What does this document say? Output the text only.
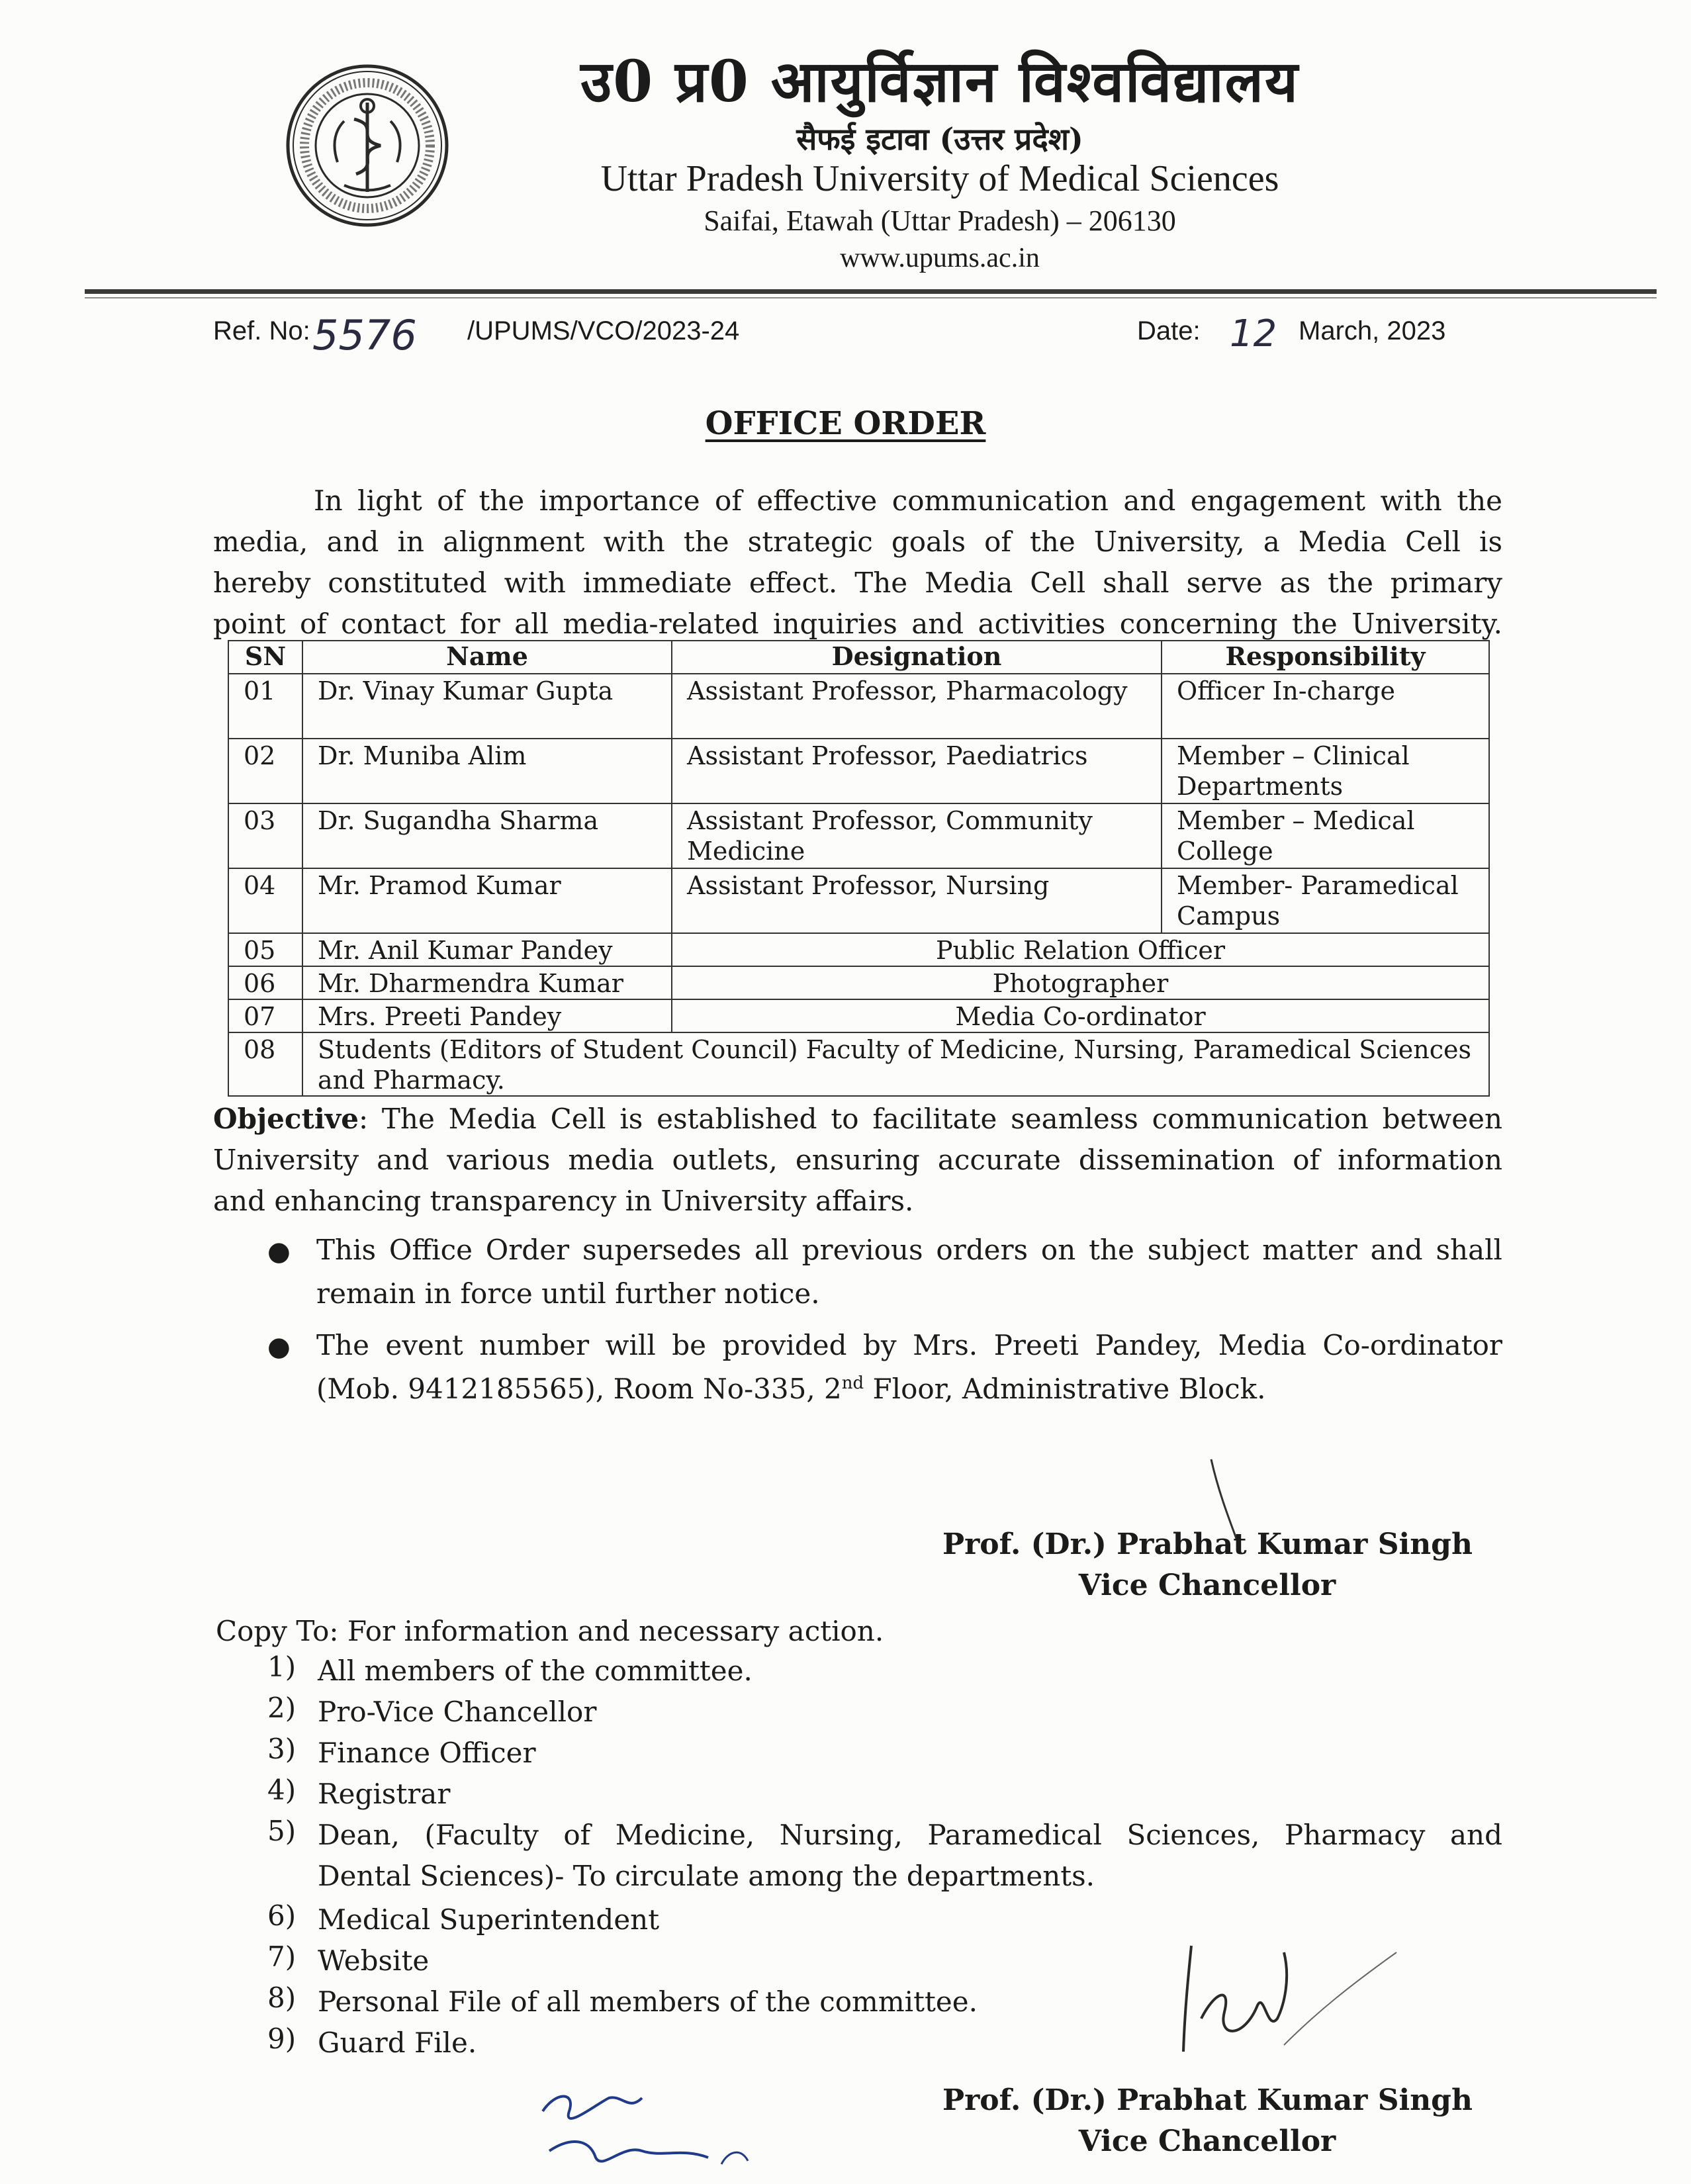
उ0 प्र0 आयुर्विज्ञान विश्वविद्यालय
सैफई इटावा (उत्तर प्रदेश)
Uttar Pradesh University of Medical Sciences
Saifai, Etawah (Uttar Pradesh) – 206130
www.upums.ac.in
Ref. No: 5576 /UPUMS/VCO/2023-24	Date: 12 March, 2023
OFFICE ORDER
In light of the importance of effective communication and engagement with the
media, and in alignment with the strategic goals of the University, a Media Cell is
hereby constituted with immediate effect. The Media Cell shall serve as the primary
point of contact for all media-related inquiries and activities concerning the University.
SN	Name	Designation	Responsibility
01	Dr. Vinay Kumar Gupta	Assistant Professor, Pharmacology	Officer In-charge
02	Dr. Muniba Alim	Assistant Professor, Paediatrics	Member – Clinical Departments
03	Dr. Sugandha Sharma	Assistant Professor, Community Medicine	Member – Medical College
04	Mr. Pramod Kumar	Assistant Professor, Nursing	Member- Paramedical Campus
05	Mr. Anil Kumar Pandey	Public Relation Officer	
06	Mr. Dharmendra Kumar	Photographer	
07	Mrs. Preeti Pandey	Media Co-ordinator	
08	Students (Editors of Student Council) Faculty of Medicine, Nursing, Paramedical Sciences and Pharmacy.		
Objective: The Media Cell is established to facilitate seamless communication between
University and various media outlets, ensuring accurate dissemination of information
and enhancing transparency in University affairs.
● This Office Order supersedes all previous orders on the subject matter and shall
remain in force until further notice.
● The event number will be provided by Mrs. Preeti Pandey, Media Co-ordinator
(Mob. 9412185565), Room No-335, 2nd Floor, Administrative Block.
Prof. (Dr.) Prabhat Kumar Singh
Vice Chancellor
Copy To: For information and necessary action.
1) All members of the committee.
2) Pro-Vice Chancellor
3) Finance Officer
4) Registrar
5) Dean, (Faculty of Medicine, Nursing, Paramedical Sciences, Pharmacy and
Dental Sciences)- To circulate among the departments.
6) Medical Superintendent
7) Website
8) Personal File of all members of the committee.
9) Guard File.
Prof. (Dr.) Prabhat Kumar Singh
Vice Chancellor
